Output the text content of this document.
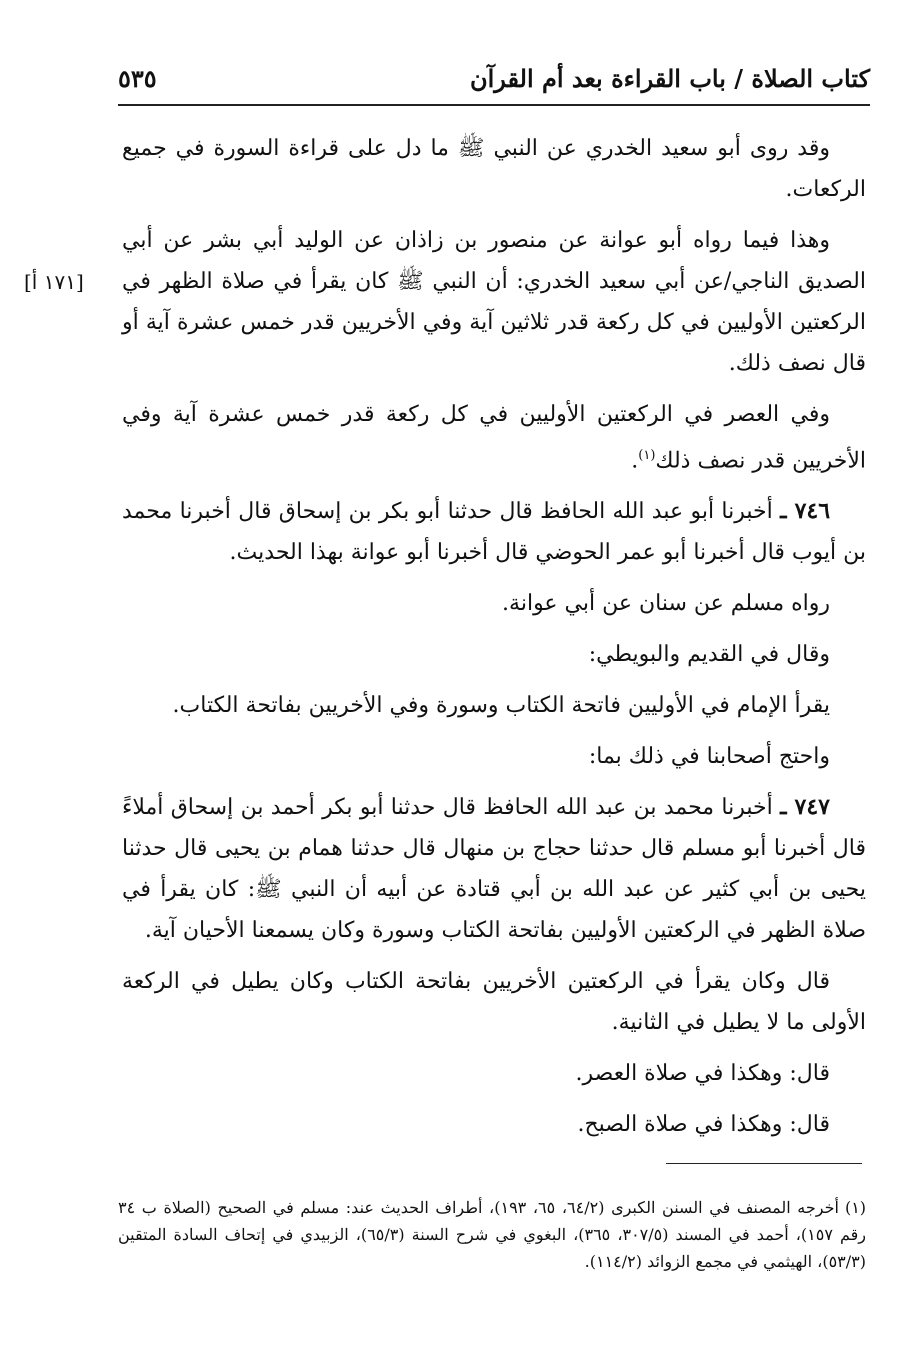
كتاب الصلاة / باب القراءة بعد أم القرآن
٥٣٥
[١٧١ أ]

وقد روى أبو سعيد الخدري عن النبي ﷺ ما دل على قراءة السورة في جميع الركعات.

وهذا فيما رواه أبو عوانة عن منصور بن زاذان عن الوليد أبي بشر عن أبي الصديق الناجي/عن أبي سعيد الخدري: أن النبي ﷺ كان يقرأ في صلاة الظهر في الركعتين الأوليين في كل ركعة قدر ثلاثين آية وفي الأخريين قدر خمس عشرة آية أو قال نصف ذلك.

وفي العصر في الركعتين الأوليين في كل ركعة قدر خمس عشرة آية وفي الأخريين قدر نصف ذلك$^{(١)}$.

٧٤٦ ـ أخبرنا أبو عبد الله الحافظ قال حدثنا أبو بكر بن إسحاق قال أخبرنا محمد بن أيوب قال أخبرنا أبو عمر الحوضي قال أخبرنا أبو عوانة بهذا الحديث.

رواه مسلم عن سنان عن أبي عوانة.

وقال في القديم والبويطي:

يقرأ الإمام في الأوليين فاتحة الكتاب وسورة وفي الأخريين بفاتحة الكتاب.

واحتج أصحابنا في ذلك بما:

٧٤٧ ـ أخبرنا محمد بن عبد الله الحافظ قال حدثنا أبو بكر أحمد بن إسحاق أملاءً قال أخبرنا أبو مسلم قال حدثنا حجاج بن منهال قال حدثنا همام بن يحيى قال حدثنا يحيى بن أبي كثير عن عبد الله بن أبي قتادة عن أبيه أن النبي ﷺ: كان يقرأ في صلاة الظهر في الركعتين الأوليين بفاتحة الكتاب وسورة وكان يسمعنا الأحيان آية.

قال وكان يقرأ في الركعتين الأخريين بفاتحة الكتاب وكان يطيل في الركعة الأولى ما لا يطيل في الثانية.

قال: وهكذا في صلاة العصر.

قال: وهكذا في صلاة الصبح.

(١)أخرجه المصنف في السنن الكبرى (٦٤/٢، ٦٥، ١٩٣)، أطراف الحديث عند: مسلم في الصحيح (الصلاة ب ٣٤ رقم ١٥٧)، أحمد في المسند (٣٠٧/٥، ٣٦٥)، البغوي في شرح السنة (٦٥/٣)، الزبيدي في إتحاف السادة المتقين (٥٣/٣)، الهيثمي في مجمع الزوائد (١١٤/٢).
